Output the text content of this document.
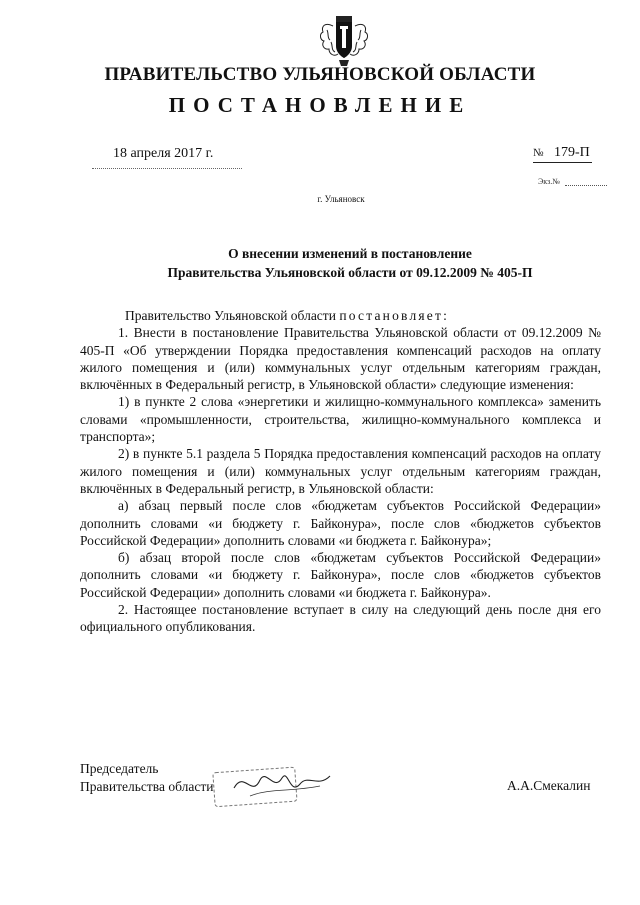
ПРАВИТЕЛЬСТВО УЛЬЯНОВСКОЙ ОБЛАСТИ
ПОСТАНОВЛЕНИЕ
18 апреля 2017 г.	№ 179-П
Экз.№
г. Ульяновск
О внесении изменений в постановление
Правительства Ульяновской области от 09.12.2009 № 405-П

Правительство Ульяновской области постановляет:

1. Внести в постановление Правительства Ульяновской области от 09.12.2009 № 405-П «Об утверждении Порядка предоставления компенсаций расходов на оплату жилого помещения и (или) коммунальных услуг отдельным категориям граждан, включённых в Федеральный регистр, в Ульяновской области» следующие изменения:

1) в пункте 2 слова «энергетики и жилищно-коммунального комплекса» заменить словами «промышленности, строительства, жилищно-коммунального комплекса и транспорта»;

2) в пункте 5.1 раздела 5 Порядка предоставления компенсаций расходов на оплату жилого помещения и (или) коммунальных услуг отдельным категориям граждан, включённых в Федеральный регистр, в Ульяновской области:

а) абзац первый после слов «бюджетам субъектов Российской Федерации» дополнить словами «и бюджету г. Байконура», после слов «бюджетов субъектов Российской Федерации» дополнить словами «и бюджета г. Байконура»;

б) абзац второй после слов «бюджетам субъектов Российской Федерации» дополнить словами «и бюджету г. Байконура», после слов «бюджетов субъектов Российской Федерации» дополнить словами «и бюджета г. Байконура».

2. Настоящее постановление вступает в силу на следующий день после дня его официального опубликования.

Председатель
Правительства области	А.А.Смекалин
